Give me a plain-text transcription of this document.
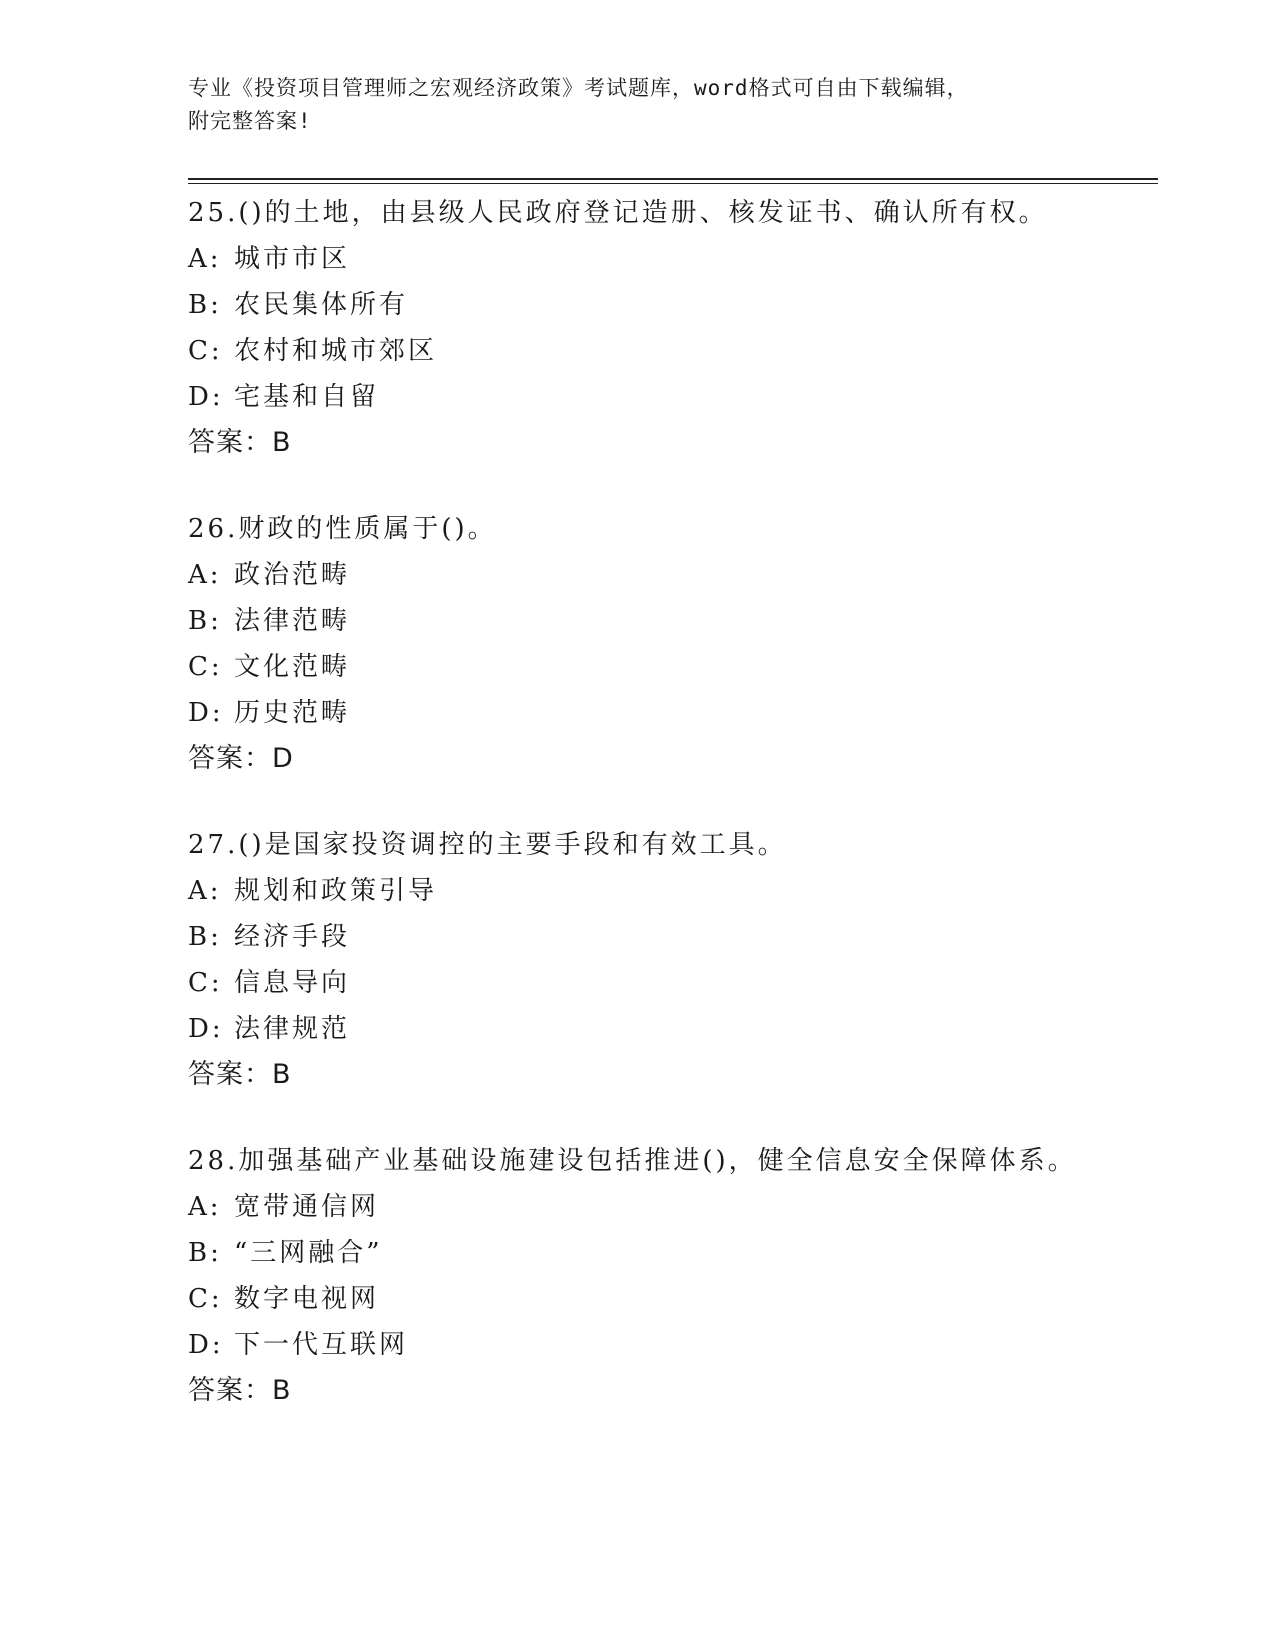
专业《投资项目管理师之宏观经济政策》考试题库，word格式可自由下载编辑，
附完整答案!
25.()的土地，由县级人民政府登记造册、核发证书、确认所有权。
A: 城市市区
B: 农民集体所有
C: 农村和城市郊区
D: 宅基和自留
答案：B
26.财政的性质属于()。
A: 政治范畴
B: 法律范畴
C: 文化范畴
D: 历史范畴
答案：D
27.()是国家投资调控的主要手段和有效工具。
A: 规划和政策引导
B: 经济手段
C: 信息导向
D: 法律规范
答案：B
28.加强基础产业基础设施建设包括推进()，健全信息安全保障体系。
A: 宽带通信网
B: “三网融合”
C: 数字电视网
D: 下一代互联网
答案：B
